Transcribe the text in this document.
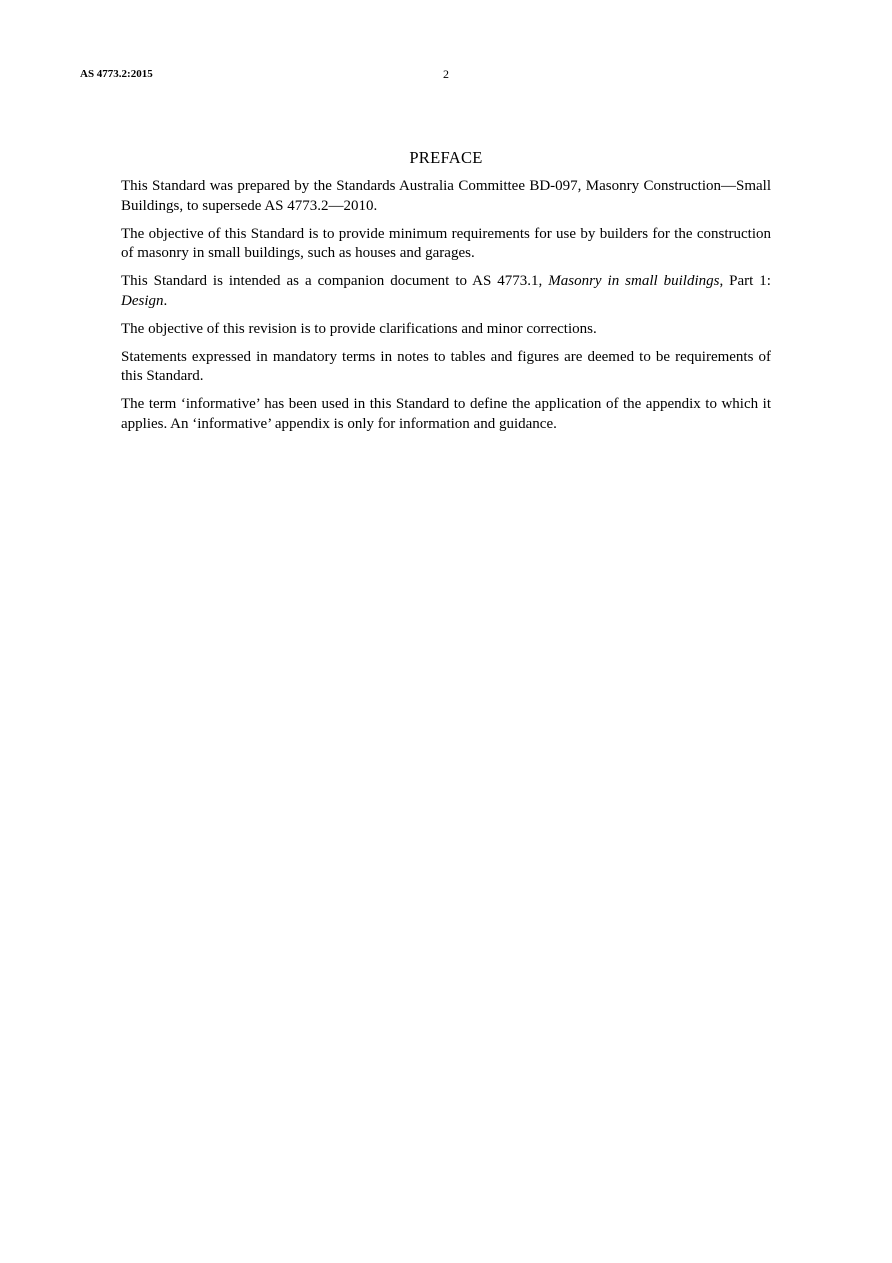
AS 4773.2:2015	2
PREFACE

This Standard was prepared by the Standards Australia Committee BD-097, Masonry Construction—Small Buildings, to supersede AS 4773.2—2010.

The objective of this Standard is to provide minimum requirements for use by builders for the construction of masonry in small buildings, such as houses and garages.

This Standard is intended as a companion document to AS 4773.1, Masonry in small buildings, Part 1: Design.

The objective of this revision is to provide clarifications and minor corrections.

Statements expressed in mandatory terms in notes to tables and figures are deemed to be requirements of this Standard.

The term ‘informative’ has been used in this Standard to define the application of the appendix to which it applies. An ‘informative’ appendix is only for information and guidance.
